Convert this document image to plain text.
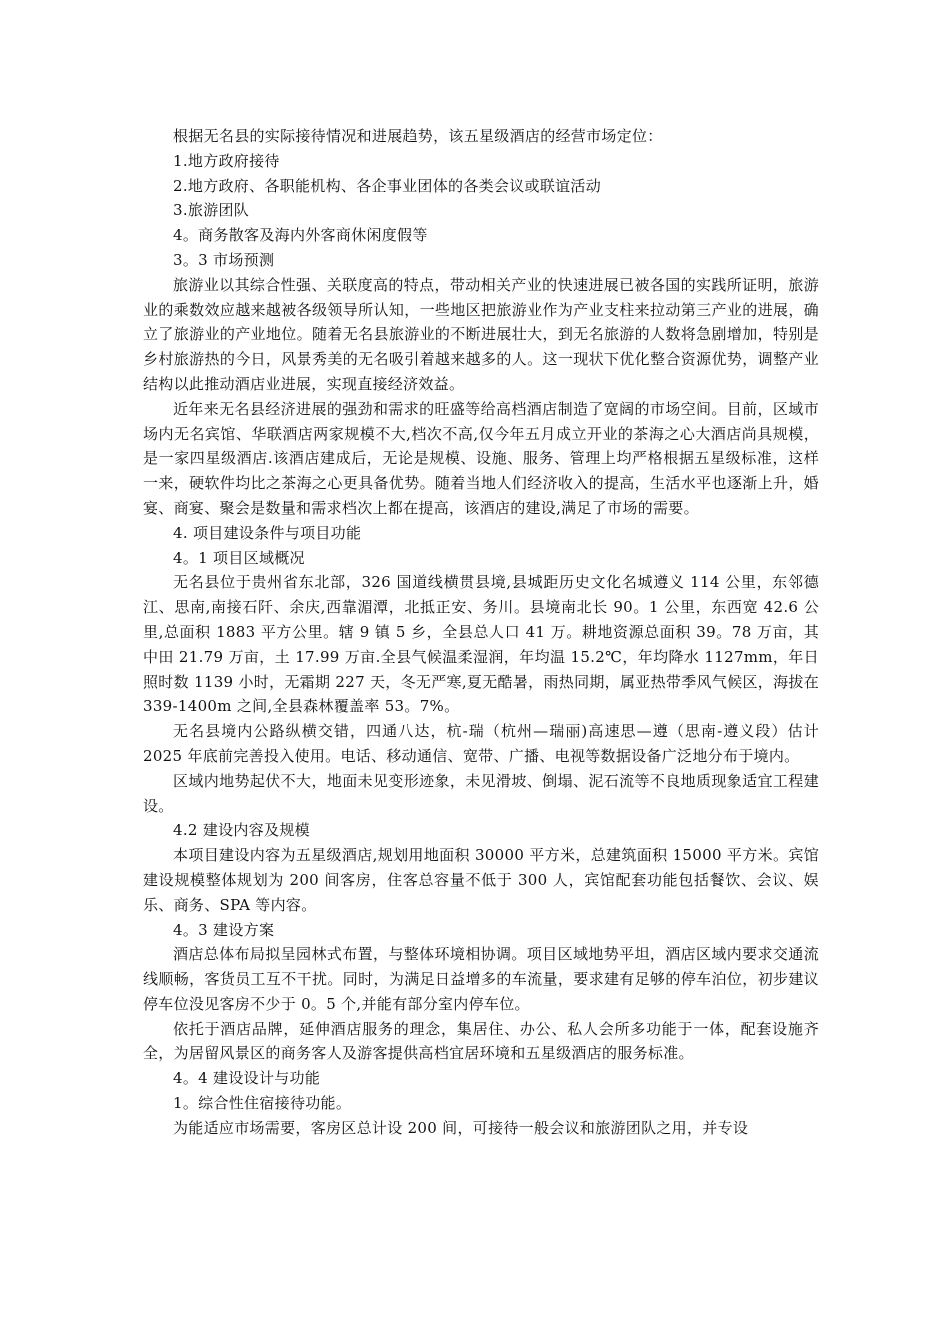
根据无名县的实际接待情况和进展趋势，该五星级酒店的经营市场定位：

1.地方政府接待

2.地方政府、各职能机构、各企事业团体的各类会议或联谊活动

3.旅游团队

4。商务散客及海内外客商休闲度假等

3。3 市场预测

旅游业以其综合性强、关联度高的特点，带动相关产业的快速进展已被各国的实践所证明，旅游业的乘数效应越来越被各级领导所认知，一些地区把旅游业作为产业支柱来拉动第三产业的进展，确立了旅游业的产业地位。随着无名县旅游业的不断进展壮大，到无名旅游的人数将急剧增加，特别是乡村旅游热的今日，风景秀美的无名吸引着越来越多的人。这一现状下优化整合资源优势，调整产业结构以此推动酒店业进展，实现直接经济效益。

近年来无名县经济进展的强劲和需求的旺盛等给高档酒店制造了宽阔的市场空间。目前，区域市场内无名宾馆、华联酒店两家规模不大,档次不高,仅今年五月成立开业的茶海之心大酒店尚具规模，是一家四星级酒店.该酒店建成后，无论是规模、设施、服务、管理上均严格根据五星级标准，这样一来，硬软件均比之茶海之心更具备优势。随着当地人们经济收入的提高，生活水平也逐渐上升，婚宴、商宴、聚会是数量和需求档次上都在提高，该酒店的建设,满足了市场的需要。

4. 项目建设条件与项目功能

4。1 项目区域概况

无名县位于贵州省东北部，326 国道线横贯县境,县城距历史文化名城遵义 114 公里，东邻德江、思南,南接石阡、余庆,西靠湄潭，北抵正安、务川。县境南北长 90。1 公里，东西宽 42.6 公里,总面积 1883 平方公里。辖 9 镇 5 乡，全县总人口 41 万。耕地资源总面积 39。78 万亩，其中田 21.79 万亩，土 17.99 万亩.全县气候温柔湿润，年均温 15.2℃，年均降水 1127mm，年日照时数 1139 小时，无霜期 227 天，冬无严寒,夏无酷暑，雨热同期，属亚热带季风气候区，海拔在 339-1400m 之间,全县森林覆盖率 53。7%。

无名县境内公路纵横交错，四通八达，杭-瑞（杭州—瑞丽)高速思—遵（思南-遵义段）估计 2025 年底前完善投入使用。电话、移动通信、宽带、广播、电视等数据设备广泛地分布于境内。

区域内地势起伏不大，地面未见变形迹象，未见滑坡、倒塌、泥石流等不良地质现象适宜工程建设。

4.2 建设内容及规模

本项目建设内容为五星级酒店,规划用地面积 30000 平方米，总建筑面积 15000 平方米。宾馆建设规模整体规划为 200 间客房，住客总容量不低于 300 人，宾馆配套功能包括餐饮、会议、娱乐、商务、SPA 等内容。

4。3 建设方案

酒店总体布局拟呈园林式布置，与整体环境相协调。项目区域地势平坦，酒店区域内要求交通流线顺畅，客货员工互不干扰。同时，为满足日益增多的车流量，要求建有足够的停车泊位，初步建议停车位没见客房不少于 0。5 个,并能有部分室内停车位。

依托于酒店品牌，延伸酒店服务的理念，集居住、办公、私人会所多功能于一体，配套设施齐全，为居留风景区的商务客人及游客提供高档宜居环境和五星级酒店的服务标准。

4。4 建设设计与功能

1。综合性住宿接待功能。

为能适应市场需要，客房区总计设 200 间，可接待一般会议和旅游团队之用，并专设
